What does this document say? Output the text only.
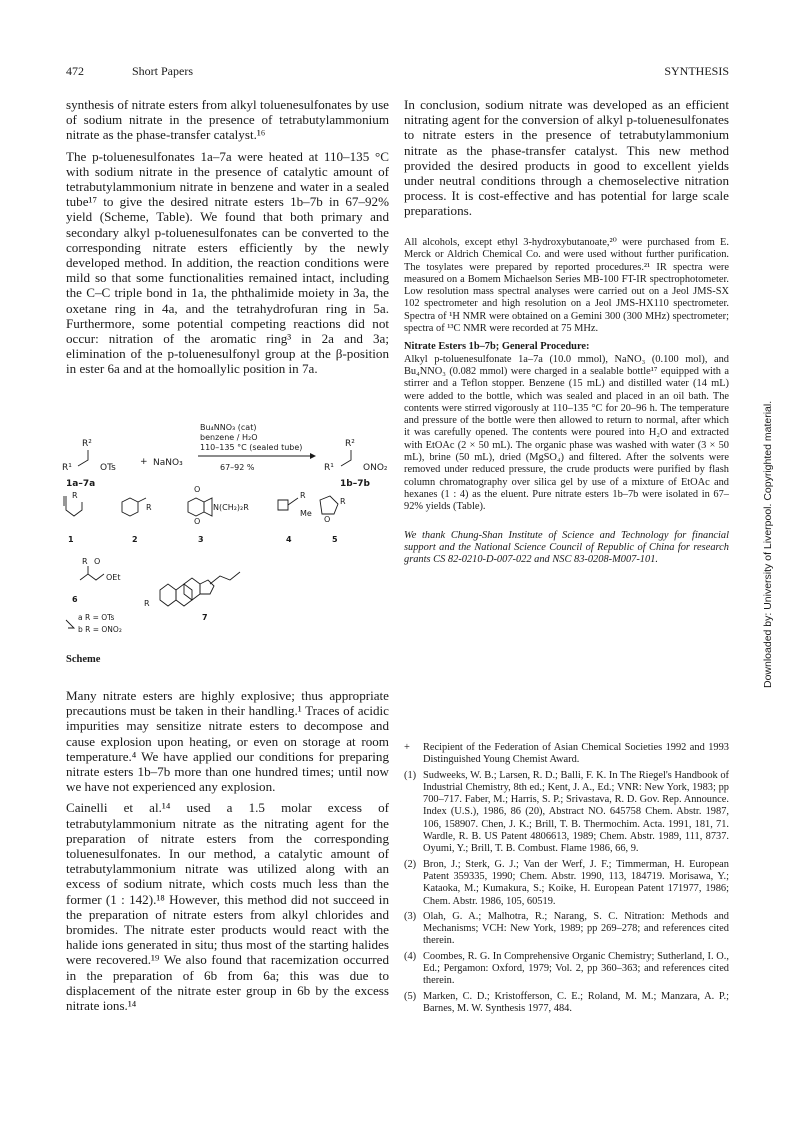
472	Short Papers	SYNTHESIS

synthesis of nitrate esters from alkyl toluenesulfonates by use of sodium nitrate in the presence of tetrabutylammonium nitrate as the phase-transfer catalyst.¹⁶

The p-toluenesulfonates 1a–7a were heated at 110–135 °C with sodium nitrate in the presence of catalytic amount of tetrabutylammonium nitrate in benzene and water in a sealed tube¹⁷ to give the desired nitrate esters 1b–7b in 67–92% yield (Scheme, Table). We found that both primary and secondary alkyl p-toluenesulfonates can be converted to the corresponding nitrate esters efficiently by the newly developed method. In addition, the reaction conditions were mild so that some functionalities remained intact, including the C–C triple bond in 1a, the phthalimide moiety in 3a, the oxetane ring in 4a, and the tetrahydrofuran ring in 5a. Furthermore, some potential competing reactions did not occur: nitration of the aromatic ring³ in 2a and 3a; elimination of the p-toluenesulfonyl group at the β-position in ester 6a and at the homoallylic position in 7a.

Bu₄NNO₃ (cat)
benzene / H₂O
110–135 °C (sealed tube)
67–92 %
R²
R¹	OTs
1a–7a
+ NaNO₃
R²
R¹	ONO₂
1b–7b
R
R
O
N(CH₂)₂R
O
R
Me
O
R
R O
OEt
R
1	2	3	4	5
6
7
a R = OTs
b R = ONO₂
Scheme

Many nitrate esters are highly explosive; thus appropriate precautions must be taken in their handling.¹ Traces of acidic impurities may sensitize nitrate esters to decompose and cause explosion upon heating, or even on storage at room temperature.⁴ We have applied our conditions for preparing nitrate esters 1b–7b more than one hundred times; until now we have not experienced any explosion.

Cainelli et al.¹⁴ used a 1.5 molar excess of tetrabutylammonium nitrate as the nitrating agent for the preparation of nitrate esters from the corresponding toluenesulfonates. In our method, a catalytic amount of tetrabutylammonium nitrate was utilized along with an excess of sodium nitrate, which costs much less than the former (1 : 142).¹⁸ However, this method did not succeed in the preparation of nitrate esters from alkyl chlorides and bromides. The nitrate ester products would react with the halide ions generated in situ; thus most of the starting halides were recovered.¹⁹ We also found that racemization occurred in the preparation of 6b from 6a; this was due to displacement of the nitrate ester group in 6b by the excess nitrate ions.¹⁴

In conclusion, sodium nitrate was developed as an efficient nitrating agent for the conversion of alkyl p-toluenesulfonates to nitrate esters in the presence of tetrabutylammonium nitrate as the phase-transfer catalyst. This new method provided the desired products in good to excellent yields under neutral conditions through a chemoselective nitration process. It is cost-effective and has potential for large scale preparations.

All alcohols, except ethyl 3-hydroxybutanoate,²⁰ were purchased from E. Merck or Aldrich Chemical Co. and were used without further purification. The tosylates were prepared by reported procedures.²¹ IR spectra were measured on a Bomem Michaelson Series MB-100 FT-IR spectrophotometer. Low resolution mass spectral analyses were carried out on a Jeol JMS-SX 102 spectrometer and high resolution on a Jeol JMS-HX110 spectrometer. Spectra of ¹H NMR were obtained on a Gemini 300 (300 MHz) spectrometer; spectra of ¹³C NMR were recorded at 75 MHz.

Nitrate Esters 1b–7b; General Procedure:

Alkyl p-toluenesulfonate 1a–7a (10.0 mmol), NaNO₃ (0.100 mol), and Bu₄NNO₃ (0.082 mmol) were charged in a sealable bottle¹⁷ equipped with a stirrer and a Teflon stopper. Benzene (15 mL) and distilled water (14 mL) were added to the bottle, which was sealed and placed in an oil bath. The contents were stirred vigorously at 110–135 °C for 20–96 h. The temperature and pressure of the bottle were then allowed to return to normal, after which it was carefully opened. The contents were poured into H₂O and extracted with EtOAc (2 × 50 mL). The organic phase was washed with water (3 × 50 mL), brine (50 mL), dried (MgSO₄) and filtered. After the solvents were removed under reduced pressure, the crude products were purified by flash column chromatography over silica gel by use of a mixture of EtOAc and hexanes (1 : 4) as the eluent. Pure nitrate esters 1b–7b were isolated in 67–92% yields (Table).

We thank Chung-Shan Institute of Science and Technology for financial support and the National Science Council of Republic of China for research grants CS 82-0210-D-007-022 and NSC 83-0208-M007-101.

+ Recipient of the Federation of Asian Chemical Societies 1992 and 1993 Distinguished Young Chemist Award.
(1) Sudweeks, W. B.; Larsen, R. D.; Balli, F. K. In The Riegel's Handbook of Industrial Chemistry, 8th ed.; Kent, J. A., Ed.; VNR: New York, 1983; pp 700–717. Faber, M.; Harris, S. P.; Srivastava, R. D. Gov. Rep. Announce. Index (U.S.), 1986, 86 (20), Abstract NO. 645758 Chem. Abstr. 1987, 106, 158907. Chen, J. K.; Brill, T. B. Thermochim. Acta. 1991, 181, 71. Wardle, R. B. US Patent 4806613, 1989; Chem. Abstr. 1989, 111, 8737. Oyumi, Y.; Brill, T. B. Combust. Flame 1986, 66, 9.
(2) Bron, J.; Sterk, G. J.; Van der Werf, J. F.; Timmerman, H. European Patent 359335, 1990; Chem. Abstr. 1990, 113, 184719. Morisawa, Y.; Kataoka, M.; Kumakura, S.; Koike, H. European Patent 171977, 1986; Chem. Abstr. 1986, 105, 60519.
(3) Olah, G. A.; Malhotra, R.; Narang, S. C. Nitration: Methods and Mechanisms; VCH: New York, 1989; pp 269–278; and references cited therein.
(4) Coombes, R. G. In Comprehensive Organic Chemistry; Sutherland, I. O., Ed.; Pergamon: Oxford, 1979; Vol. 2, pp 360–363; and references cited therein.
(5) Marken, C. D.; Kristofferson, C. E.; Roland, M. M.; Manzara, A. P.; Barnes, M. W. Synthesis 1977, 484.
Downloaded by: University of Liverpool. Copyrighted material.
